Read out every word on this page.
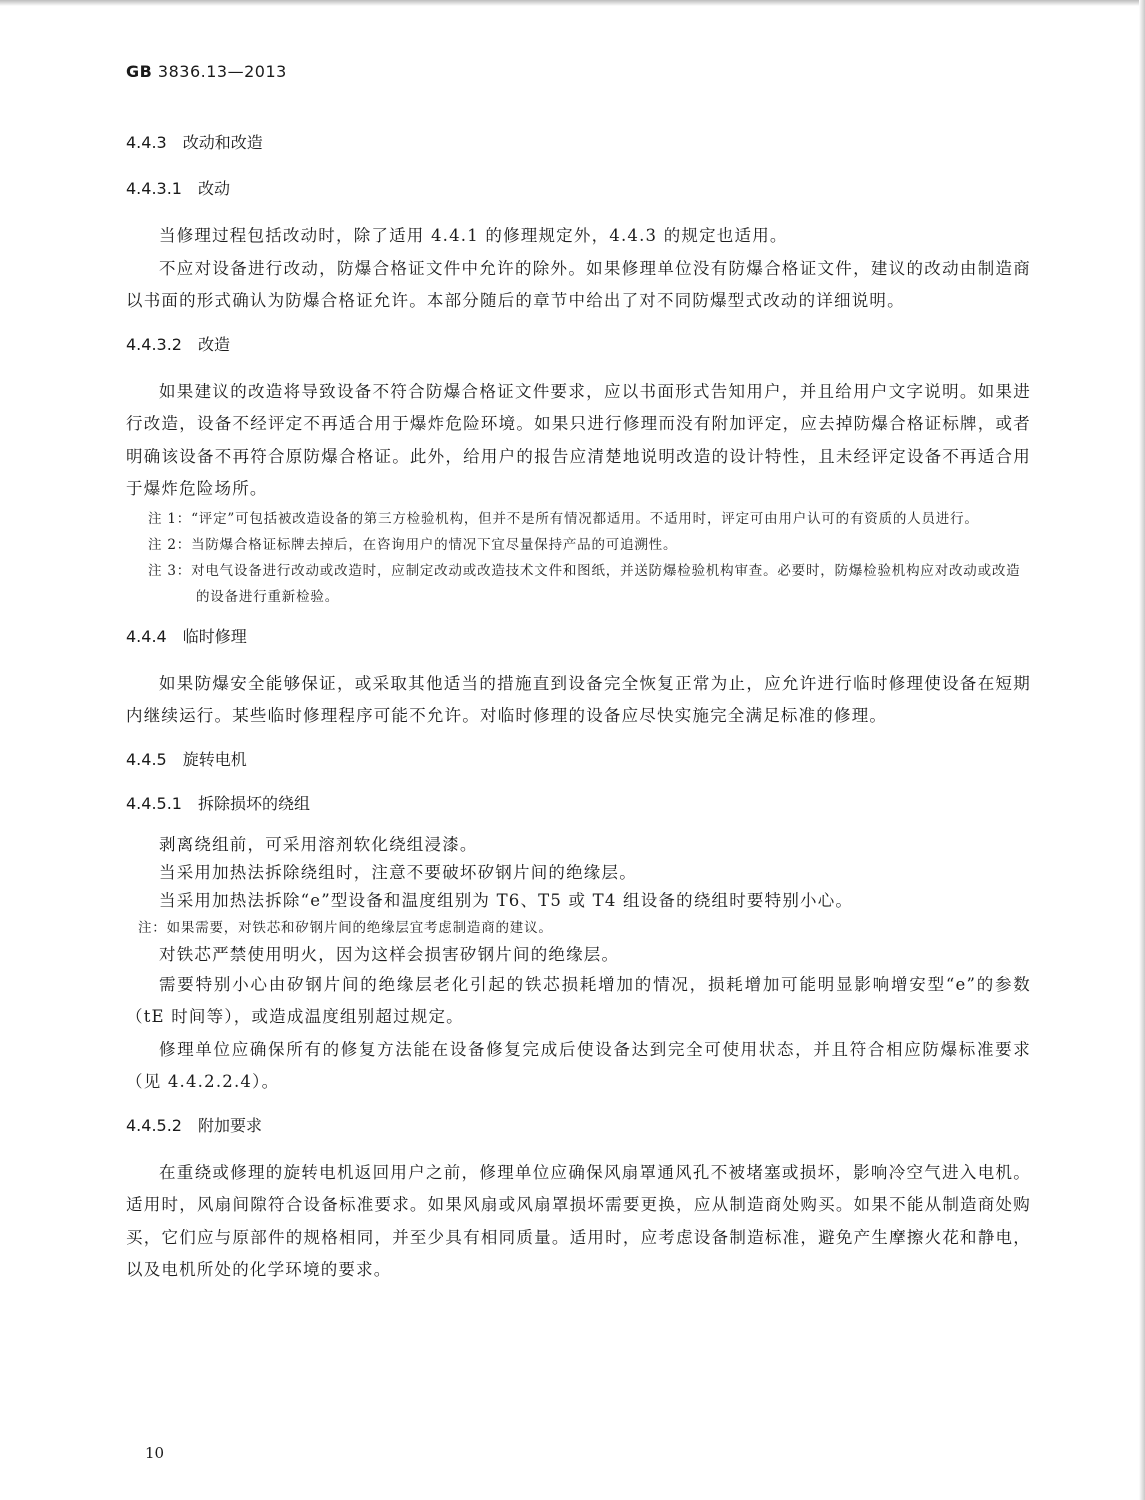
GB 3836.13—2013

4.4.3 改动和改造

4.4.3.1 改动

当修理过程包括改动时，除了适用 4.4.1 的修理规定外，4.4.3 的规定也适用。

不应对设备进行改动，防爆合格证文件中允许的除外。如果修理单位没有防爆合格证文件，建议的改动由制造商以书面的形式确认为防爆合格证允许。本部分随后的章节中给出了对不同防爆型式改动的详细说明。

4.4.3.2 改造

如果建议的改造将导致设备不符合防爆合格证文件要求，应以书面形式告知用户，并且给用户文字说明。如果进行改造，设备不经评定不再适合用于爆炸危险环境。如果只进行修理而没有附加评定，应去掉防爆合格证标牌，或者明确该设备不再符合原防爆合格证。此外，给用户的报告应清楚地说明改造的设计特性，且未经评定设备不再适合用于爆炸危险场所。

注 1：“评定”可包括被改造设备的第三方检验机构，但并不是所有情况都适用。不适用时，评定可由用户认可的有资质的人员进行。

注 2：当防爆合格证标牌去掉后，在咨询用户的情况下宜尽量保持产品的可追溯性。

注 3：对电气设备进行改动或改造时，应制定改动或改造技术文件和图纸，并送防爆检验机构审查。必要时，防爆检验机构应对改动或改造的设备进行重新检验。

4.4.4 临时修理

如果防爆安全能够保证，或采取其他适当的措施直到设备完全恢复正常为止，应允许进行临时修理使设备在短期内继续运行。某些临时修理程序可能不允许。对临时修理的设备应尽快实施完全满足标准的修理。

4.4.5 旋转电机

4.4.5.1 拆除损坏的绕组

剥离绕组前，可采用溶剂软化绕组浸漆。

当采用加热法拆除绕组时，注意不要破坏矽钢片间的绝缘层。

当采用加热法拆除“e”型设备和温度组别为 T6、T5 或 T4 组设备的绕组时要特别小心。

注：如果需要，对铁芯和矽钢片间的绝缘层宜考虑制造商的建议。

对铁芯严禁使用明火，因为这样会损害矽钢片间的绝缘层。

需要特别小心由矽钢片间的绝缘层老化引起的铁芯损耗增加的情况，损耗增加可能明显影响增安型“e”的参数（tE 时间等），或造成温度组别超过规定。

修理单位应确保所有的修复方法能在设备修复完成后使设备达到完全可使用状态，并且符合相应防爆标准要求（见 4.4.2.2.4）。

4.4.5.2 附加要求

在重绕或修理的旋转电机返回用户之前，修理单位应确保风扇罩通风孔不被堵塞或损坏，影响冷空气进入电机。适用时，风扇间隙符合设备标准要求。如果风扇或风扇罩损坏需要更换，应从制造商处购买。如果不能从制造商处购买，它们应与原部件的规格相同，并至少具有相同质量。适用时，应考虑设备制造标准，避免产生摩擦火花和静电，以及电机所处的化学环境的要求。

10
